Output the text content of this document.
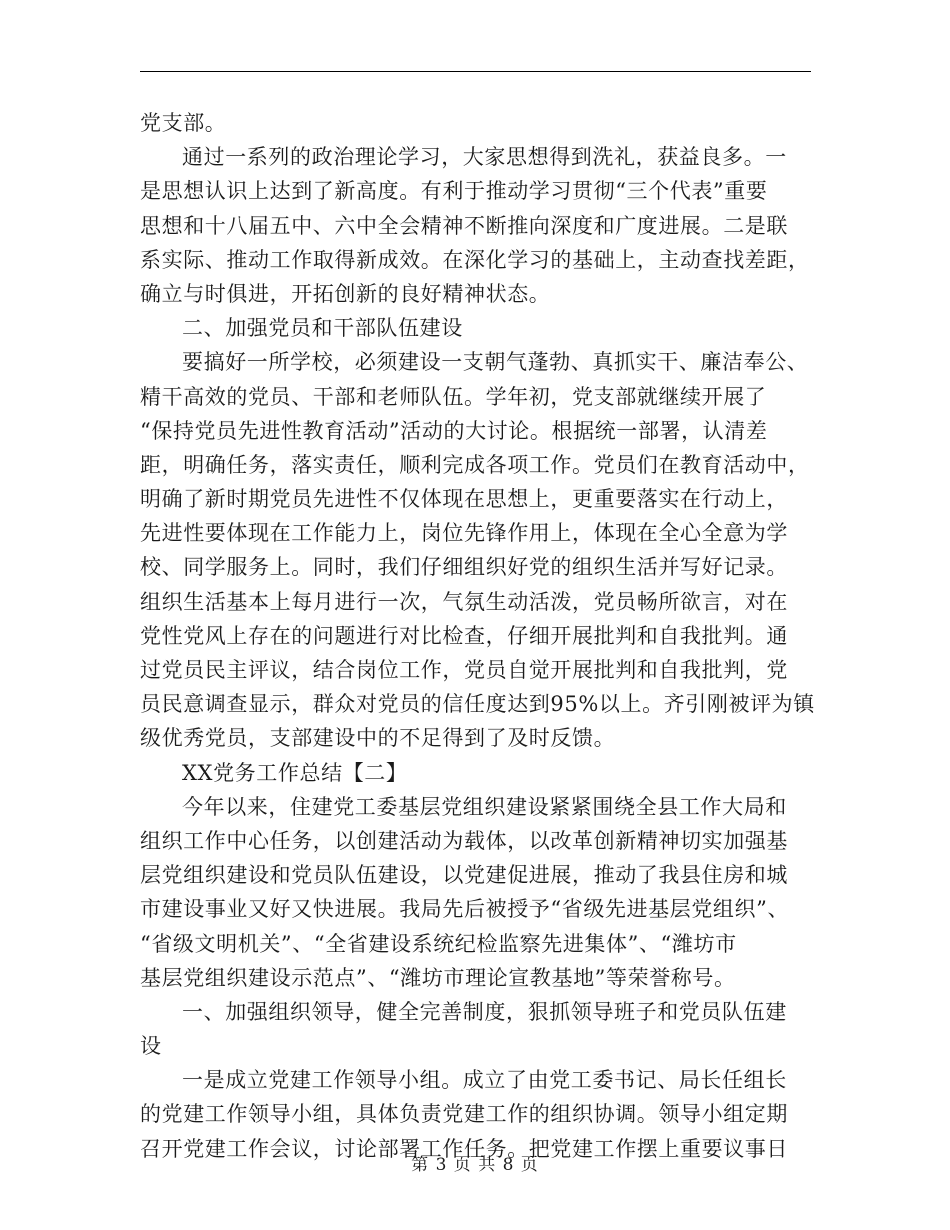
党支部。
通过一系列的政治理论学习，大家思想得到洗礼，获益良多。一
是思想认识上达到了新高度。有利于推动学习贯彻“三个代表”重要
思想和十八届五中、六中全会精神不断推向深度和广度进展。二是联
系实际、推动工作取得新成效。在深化学习的基础上，主动查找差距，
确立与时俱进，开拓创新的良好精神状态。
二、加强党员和干部队伍建设
要搞好一所学校，必须建设一支朝气蓬勃、真抓实干、廉洁奉公、
精干高效的党员、干部和老师队伍。学年初，党支部就继续开展了
“保持党员先进性教育活动”活动的大讨论。根据统一部署，认清差
距，明确任务，落实责任，顺利完成各项工作。党员们在教育活动中，
明确了新时期党员先进性不仅体现在思想上，更重要落实在行动上，
先进性要体现在工作能力上，岗位先锋作用上，体现在全心全意为学
校、同学服务上。同时，我们仔细组织好党的组织生活并写好记录。
组织生活基本上每月进行一次，气氛生动活泼，党员畅所欲言，对在
党性党风上存在的问题进行对比检查，仔细开展批判和自我批判。通
过党员民主评议，结合岗位工作，党员自觉开展批判和自我批判，党
员民意调查显示，群众对党员的信任度达到95%以上。齐引刚被评为镇
级优秀党员，支部建设中的不足得到了及时反馈。
XX党务工作总结【二】
今年以来，住建党工委基层党组织建设紧紧围绕全县工作大局和
组织工作中心任务，以创建活动为载体，以改革创新精神切实加强基
层党组织建设和党员队伍建设，以党建促进展，推动了我县住房和城
市建设事业又好又快进展。我局先后被授予“省级先进基层党组织”、
“省级文明机关”、“全省建设系统纪检监察先进集体”、“潍坊市
基层党组织建设示范点”、“潍坊市理论宣教基地”等荣誉称号。
一、加强组织领导，健全完善制度，狠抓领导班子和党员队伍建
设
一是成立党建工作领导小组。成立了由党工委书记、局长任组长
的党建工作领导小组，具体负责党建工作的组织协调。领导小组定期
召开党建工作会议，讨论部署工作任务。把党建工作摆上重要议事日
第 3 页 共 8 页
